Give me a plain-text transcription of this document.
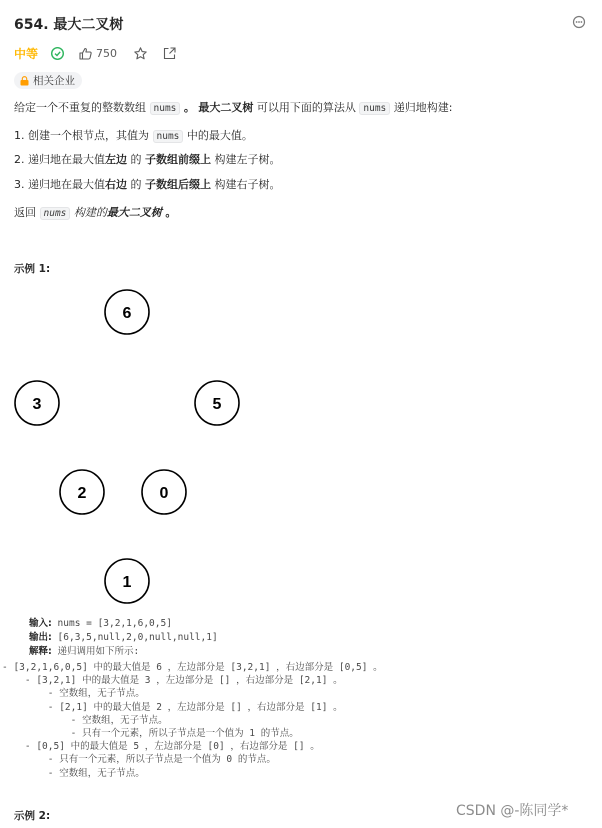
654. 最大二叉树
中等	750
相关企业
给定一个不重复的整数数组 nums 。 最大二叉树 可以用下面的算法从 nums 递归地构建:
1. 创建一个根节点，其值为 nums 中的最大值。
2. 递归地在最大值左边 的 子数组前缀上 构建左子树。
3. 递归地在最大值右边 的 子数组后缀上 构建右子树。
返回 nums 构建的最大二叉树 。
示例 1:
6
3	5
2	0
1
输入: nums = [3,2,1,6,0,5]
输出: [6,3,5,null,2,0,null,null,1]
解释: 递归调用如下所示:
- [3,2,1,6,0,5] 中的最大值是 6 ，左边部分是 [3,2,1] ，右边部分是 [0,5] 。
- [3,2,1] 中的最大值是 3 ，左边部分是 [] ，右边部分是 [2,1] 。
- 空数组，无子节点。
- [2,1] 中的最大值是 2 ，左边部分是 [] ，右边部分是 [1] 。
- 空数组，无子节点。
- 只有一个元素，所以子节点是一个值为 1 的节点。
- [0,5] 中的最大值是 5 ，左边部分是 [0] ，右边部分是 [] 。
- 只有一个元素，所以子节点是一个值为 0 的节点。
- 空数组，无子节点。
示例 2:	CSDN @-陈同学*
